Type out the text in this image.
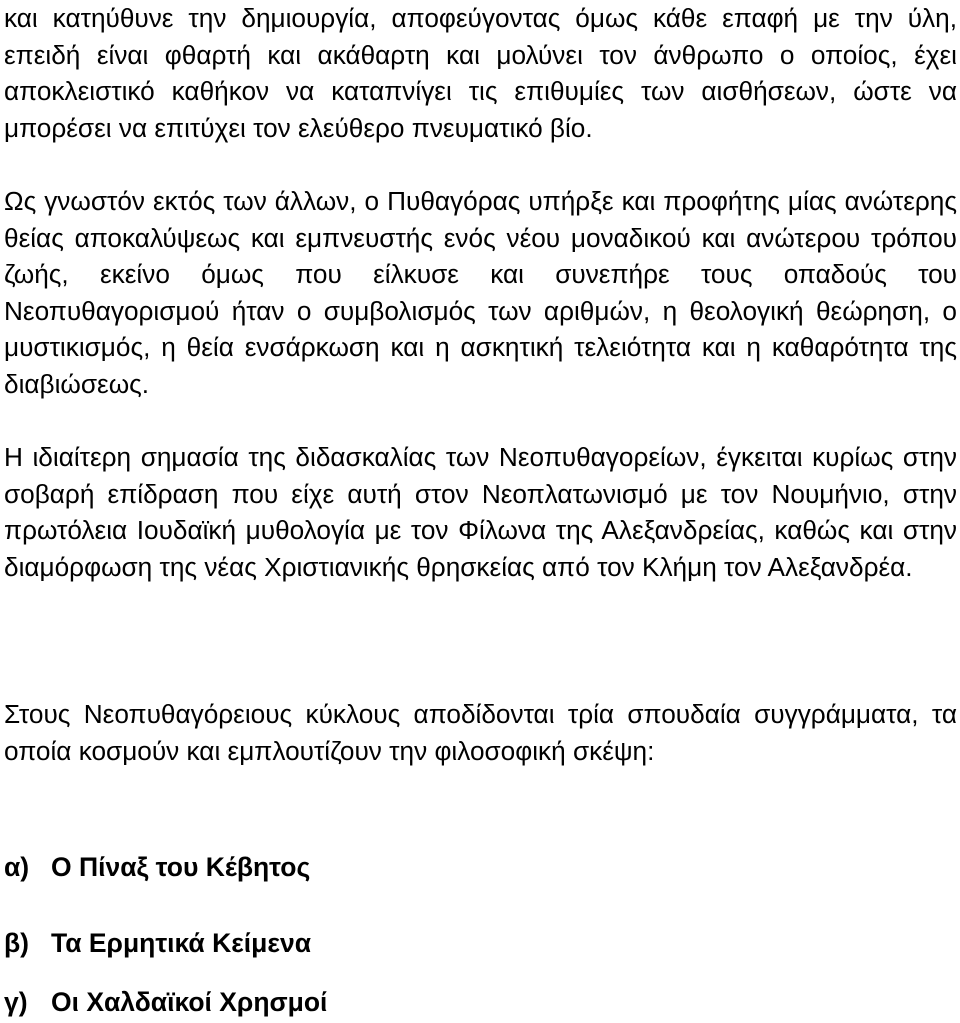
και κατηύθυνε την δημιουργία, αποφεύγοντας όμως κάθε επαφή με την ύλη, επειδή είναι φθαρτή και ακάθαρτη και μολύνει τον άνθρωπο ο οποίος, έχει αποκλειστικό καθήκον να καταπνίγει τις επιθυμίες των αισθήσεων, ώστε να μπορέσει να επιτύχει τον ελεύθερο πνευματικό βίο.

Ως γνωστόν εκτός των άλλων, ο Πυθαγόρας υπήρξε και προφήτης μίας ανώτερης θείας αποκαλύψεως και εμπνευστής ενός νέου μοναδικού και ανώτερου τρόπου ζωής, εκείνο όμως που είλκυσε και συνεπήρε τους οπαδούς του Νεοπυθαγορισμού ήταν ο συμβολισμός των αριθμών, η θεολογική θεώρηση, ο μυστικισμός, η θεία ενσάρκωση και η ασκητική τελειότητα και η καθαρότητα της διαβιώσεως.

Η ιδιαίτερη σημασία της διδασκαλίας των Νεοπυθαγορείων, έγκειται κυρίως στην σοβαρή επίδραση που είχε αυτή στον Νεοπλατωνισμό με τον Νουμήνιο, στην πρωτόλεια Ιουδαϊκή μυθολογία με τον Φίλωνα της Αλεξανδρείας, καθώς και στην διαμόρφωση της νέας Χριστιανικής θρησκείας από τον Κλήμη τον Αλεξανδρέα.

Στους Νεοπυθαγόρειους κύκλους αποδίδονται τρία σπουδαία συγγράμματα, τα οποία κοσμούν και εμπλουτίζουν την φιλοσοφική σκέψη:

α) Ο Πίναξ του Κέβητος
β) Τα Ερμητικά Κείμενα
γ) Οι Χαλδαϊκοί Χρησμοί
